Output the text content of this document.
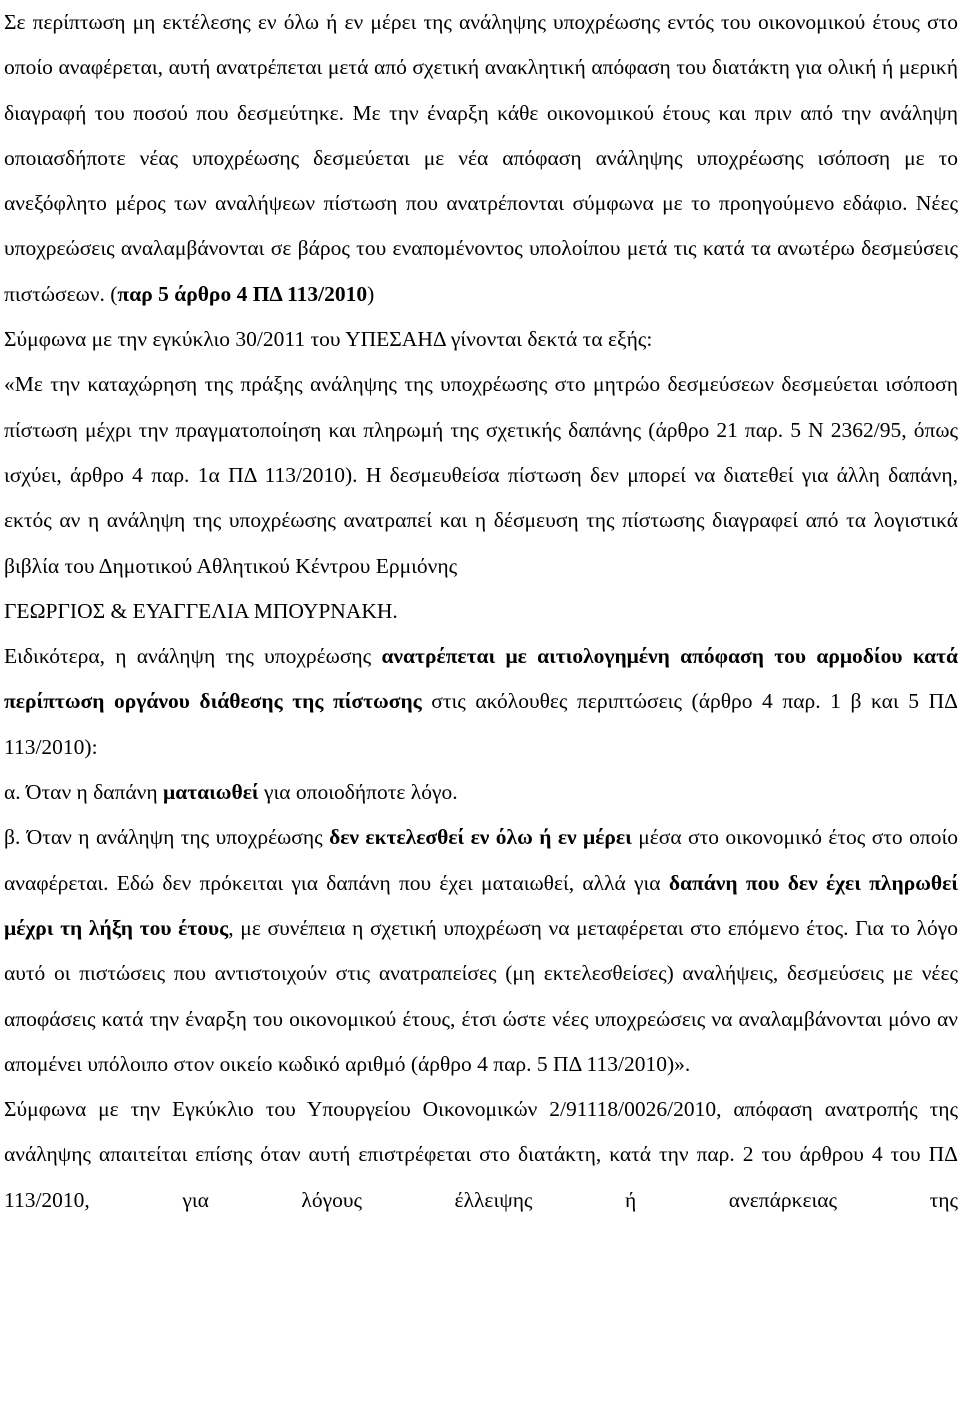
Σε περίπτωση μη εκτέλεσης εν όλω ή εν μέρει της ανάληψης υποχρέωσης εντός του οικονομικού έτους στο οποίο αναφέρεται, αυτή ανατρέπεται μετά από σχετική ανακλητική απόφαση του διατάκτη για ολική ή μερική διαγραφή του ποσού που δεσμεύτηκε. Με την έναρξη κάθε οικονομικού έτους και πριν από την ανάληψη οποιασδήποτε νέας υποχρέωσης δεσμεύεται με νέα απόφαση ανάληψης υποχρέωσης ισόποση με το ανεξόφλητο μέρος των αναλήψεων πίστωση που ανατρέπονται σύμφωνα με το προηγούμενο εδάφιο. Νέες υποχρεώσεις αναλαμβάνονται σε βάρος του εναπομένοντος υπολοίπου μετά τις κατά τα ανωτέρω δεσμεύσεις πιστώσεων. (παρ 5 άρθρο 4 ΠΔ 113/2010)

Σύμφωνα με την εγκύκλιο 30/2011 του ΥΠΕΣΑΗΔ γίνονται δεκτά τα εξής:

«Με την καταχώρηση της πράξης ανάληψης της υποχρέωσης στο μητρώο δεσμεύσεων δεσμεύεται ισόποση πίστωση μέχρι την πραγματοποίηση και πληρωμή της σχετικής δαπάνης (άρθρο 21 παρ. 5 Ν 2362/95, όπως ισχύει, άρθρο 4 παρ. 1α ΠΔ 113/2010). Η δεσμευθείσα πίστωση δεν μπορεί να διατεθεί για άλλη δαπάνη, εκτός αν η ανάληψη της υποχρέωσης ανατραπεί και η δέσμευση της πίστωσης διαγραφεί από τα λογιστικά βιβλία του Δημοτικού Αθλητικού Κέντρου Ερμιόνης

ΓΕΩΡΓΙΟΣ & ΕΥΑΓΓΕΛΙΑ ΜΠΟΥΡΝΑΚΗ.

Ειδικότερα, η ανάληψη της υποχρέωσης ανατρέπεται με αιτιολογημένη απόφαση του αρμοδίου κατά περίπτωση οργάνου διάθεσης της πίστωσης στις ακόλουθες περιπτώσεις (άρθρο 4 παρ. 1 β και 5 ΠΔ 113/2010):

α. Όταν η δαπάνη ματαιωθεί για οποιοδήποτε λόγο.

β. Όταν η ανάληψη της υποχρέωσης δεν εκτελεσθεί εν όλω ή εν μέρει μέσα στο οικονομικό έτος στο οποίο αναφέρεται. Εδώ δεν πρόκειται για δαπάνη που έχει ματαιωθεί, αλλά για δαπάνη που δεν έχει πληρωθεί μέχρι τη λήξη του έτους, με συνέπεια η σχετική υποχρέωση να μεταφέρεται στο επόμενο έτος. Για το λόγο αυτό οι πιστώσεις που αντιστοιχούν στις ανατραπείσες (μη εκτελεσθείσες) αναλήψεις, δεσμεύσεις με νέες αποφάσεις κατά την έναρξη του οικονομικού έτους, έτσι ώστε νέες υποχρεώσεις να αναλαμβάνονται μόνο αν απομένει υπόλοιπο στον οικείο κωδικό αριθμό (άρθρο 4 παρ. 5 ΠΔ 113/2010)».

Σύμφωνα με την Εγκύκλιο του Υπουργείου Οικονομικών 2/91118/0026/2010, απόφαση ανατροπής της ανάληψης απαιτείται επίσης όταν αυτή επιστρέφεται στο διατάκτη, κατά την παρ. 2 του άρθρου 4 του ΠΔ 113/2010, για λόγους έλλειψης ή ανεπάρκειας της
